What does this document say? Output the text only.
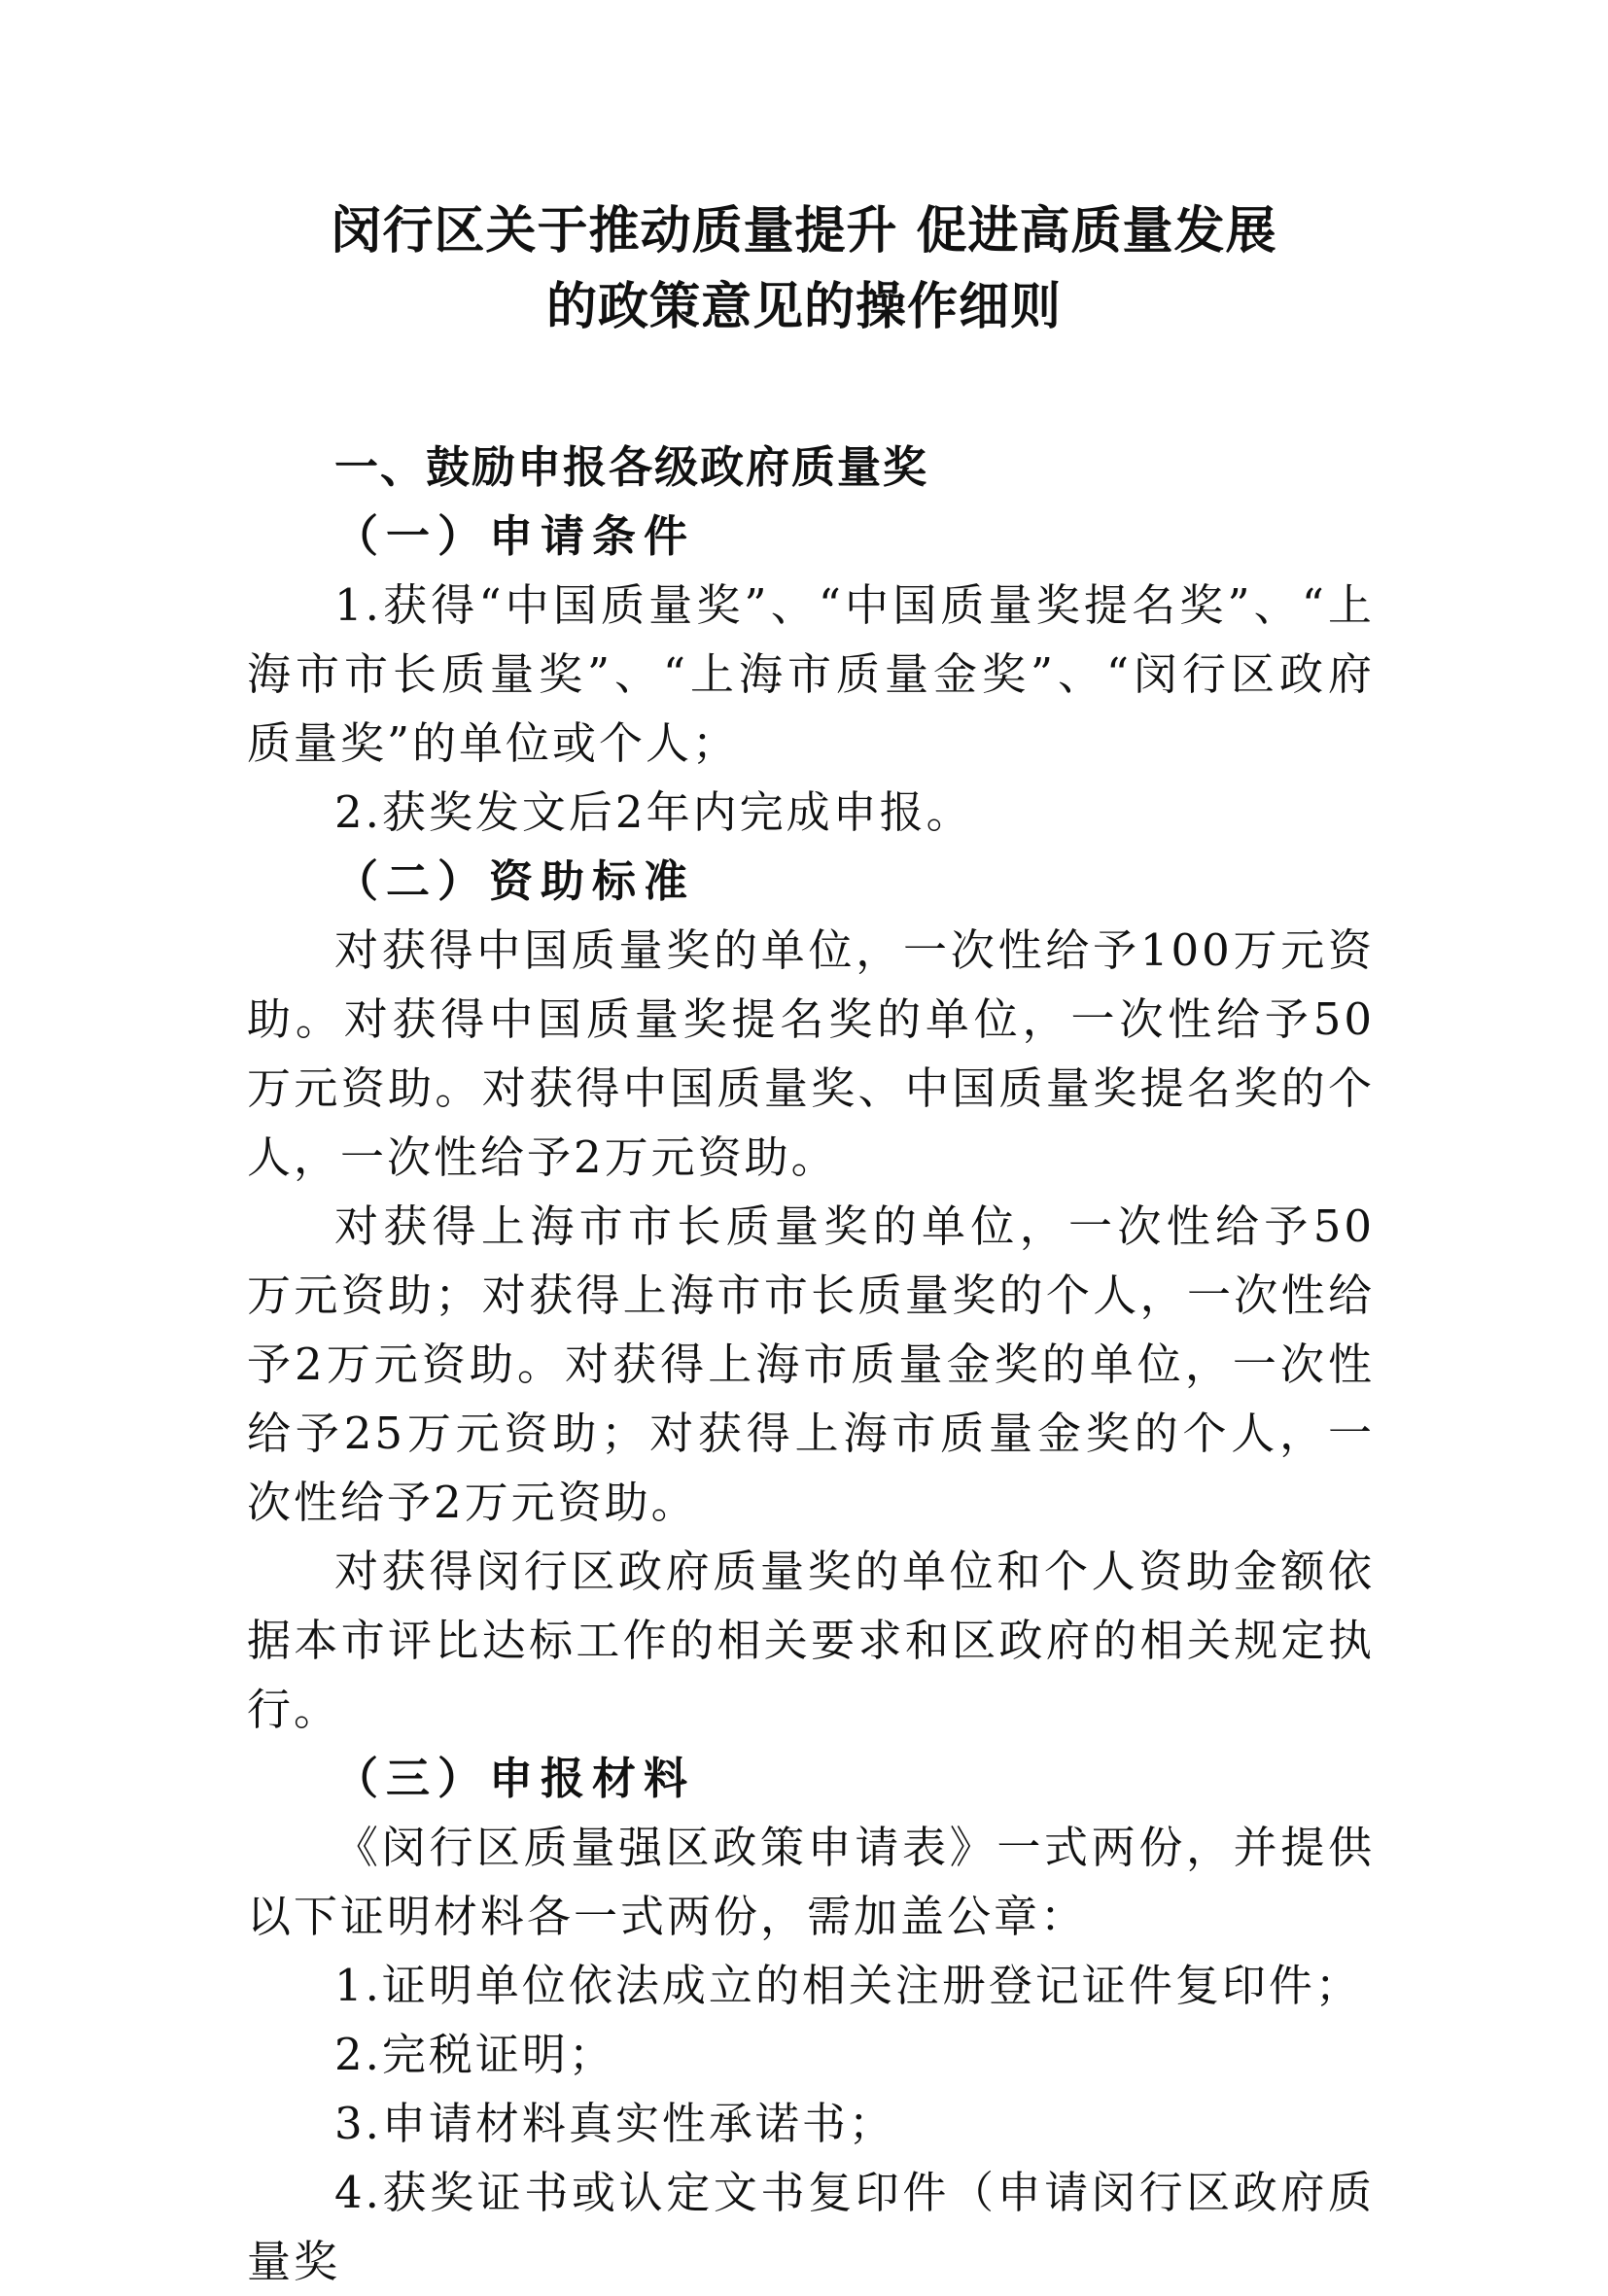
闵行区关于推动质量提升 促进高质量发展
的政策意见的操作细则

一、鼓励申报各级政府质量奖

（一）申请条件

1.获得“中国质量奖”、“中国质量奖提名奖”、“上海市市长质量奖”、“上海市质量金奖”、“闵行区政府质量奖”的单位或个人；

2.获奖发文后2年内完成申报。

（二）资助标准

对获得中国质量奖的单位，一次性给予100万元资助。对获得中国质量奖提名奖的单位，一次性给予50万元资助。对获得中国质量奖、中国质量奖提名奖的个人，一次性给予2万元资助。

对获得上海市市长质量奖的单位，一次性给予50万元资助；对获得上海市市长质量奖的个人，一次性给予2万元资助。对获得上海市质量金奖的单位，一次性给予25万元资助；对获得上海市质量金奖的个人，一次性给予2万元资助。

对获得闵行区政府质量奖的单位和个人资助金额依据本市评比达标工作的相关要求和区政府的相关规定执行。

（三）申报材料

《闵行区质量强区政策申请表》一式两份，并提供以下证明材料各一式两份，需加盖公章：

1.证明单位依法成立的相关注册登记证件复印件；

2.完税证明；

3.申请材料真实性承诺书；

4.获奖证书或认定文书复印件（申请闵行区政府质量奖
